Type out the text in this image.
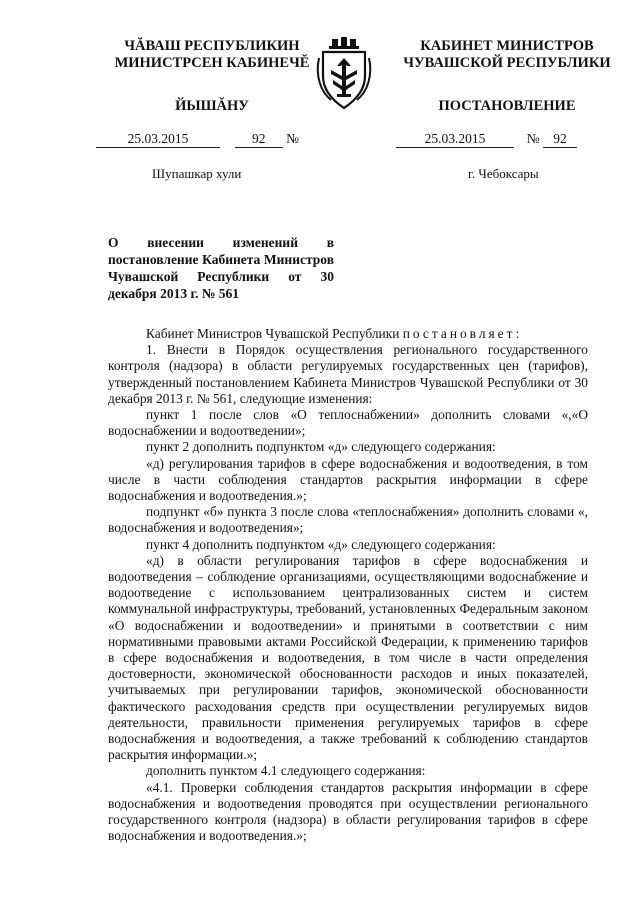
ЧĂВАШ РЕСПУБЛИКИН
МИНИСТРСЕН КАБИНЕЧĔ
ЙЫШĂНУ
КАБИНЕТ МИНИСТРОВ
ЧУВАШСКОЙ РЕСПУБЛИКИ
ПОСТАНОВЛЕНИЕ
25.03.2015	92 №	25.03.2015	№ 92
Шупашкар хули	г. Чебоксары
О внесении изменений в постановление Кабинета Министров Чувашской Республики от 30 декабря 2013 г. № 561

Кабинет Министров Чувашской Республики постановляет:

1. Внести в Порядок осуществления регионального государственного контроля (надзора) в области регулируемых государственных цен (тарифов), утвержденный постановлением Кабинета Министров Чувашской Республики от 30 декабря 2013 г. № 561, следующие изменения:

пункт 1 после слов «О теплоснабжении» дополнить словами «,«О водоснабжении и водоотведении»;

пункт 2 дополнить подпунктом «д» следующего содержания:

«д) регулирования тарифов в сфере водоснабжения и водоотведения, в том числе в части соблюдения стандартов раскрытия информации в сфере водоснабжения и водоотведения.»;

подпункт «б» пункта 3 после слова «теплоснабжения» дополнить словами «, водоснабжения и водоотведения»;

пункт 4 дополнить подпунктом «д» следующего содержания:

«д) в области регулирования тарифов в сфере водоснабжения и водоотведения – соблюдение организациями, осуществляющими водоснабжение и водоотведение с использованием централизованных систем и систем коммунальной инфраструктуры, требований, установленных Федеральным законом «О водоснабжении и водоотведении» и принятыми в соответствии с ним нормативными правовыми актами Российской Федерации, к применению тарифов в сфере водоснабжения и водоотведения, в том числе в части определения достоверности, экономической обоснованности расходов и иных показателей, учитываемых при регулировании тарифов, экономической обоснованности фактического расходования средств при осуществлении регулируемых видов деятельности, правильности применения регулируемых тарифов в сфере водоснабжения и водоотведения, а также требований к соблюдению стандартов раскрытия информации.»;

дополнить пунктом 4.1 следующего содержания:

«4.1. Проверки соблюдения стандартов раскрытия информации в сфере водоснабжения и водоотведения проводятся при осуществлении регионального государственного контроля (надзора) в области регулирования тарифов в сфере водоснабжения и водоотведения.»;
